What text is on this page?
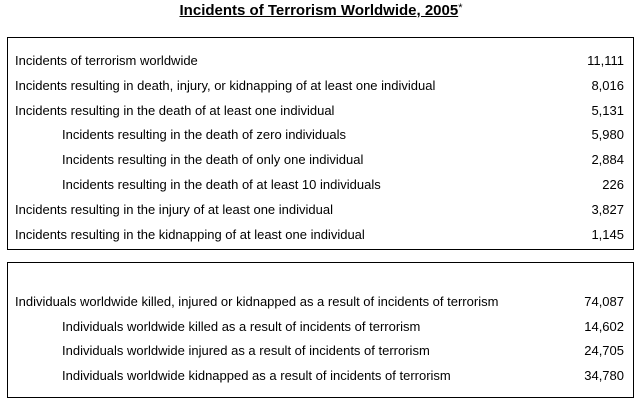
Incidents of Terrorism Worldwide, 2005*
Incidents of terrorism worldwide	11,111
Incidents resulting in death, injury, or kidnapping of at least one individual	8,016
Incidents resulting in the death of at least one individual	5,131
Incidents resulting in the death of zero individuals	5,980
Incidents resulting in the death of only one individual	2,884
Incidents resulting in the death of at least 10 individuals	226
Incidents resulting in the injury of at least one individual	3,827
Incidents resulting in the kidnapping of at least one individual	1,145
Individuals worldwide killed, injured or kidnapped as a result of incidents of terrorism	74,087
Individuals worldwide killed as a result of incidents of terrorism	14,602
Individuals worldwide injured as a result of incidents of terrorism	24,705
Individuals worldwide kidnapped as a result of incidents of terrorism	34,780
